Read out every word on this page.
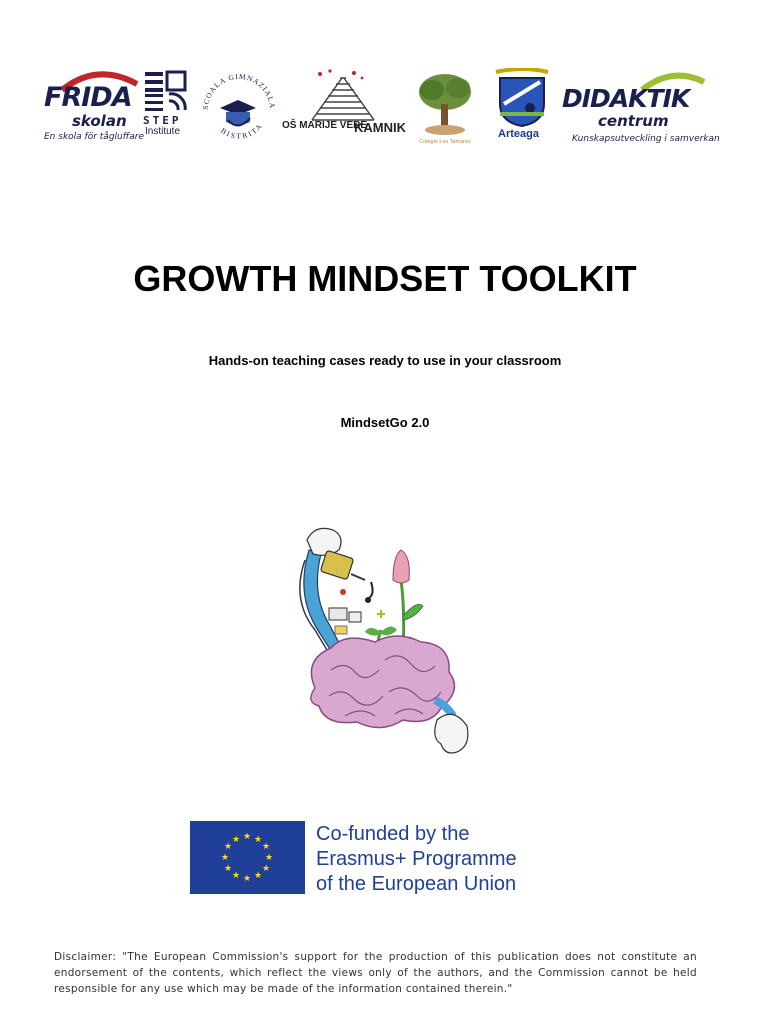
FRIDA
skolan
En skola för tågluffare
STEP
Institute
SCOALA GIMNAZIALA
BISTRITA OŠ MARIJE VERE
KAMNIK
Colegio Les Tamarez
Arteaga
DIDAKTIK
centrum
Kunskapsutveckling i samverkan
GROWTH MINDSET TOOLKIT
Hands-on teaching cases ready to use in your classroom
MindsetGo 2.0
★ ★
★
★
★
★
★
★
★
★
★
★	Co-funded by the
Erasmus+ Programme
of the European Union
Disclaimer: "The European Commission's support for the production of this publication does not constitute an endorsement of the contents, which reflect the views only of the authors, and the Commission cannot be held responsible for any use which may be made of the information contained therein."
